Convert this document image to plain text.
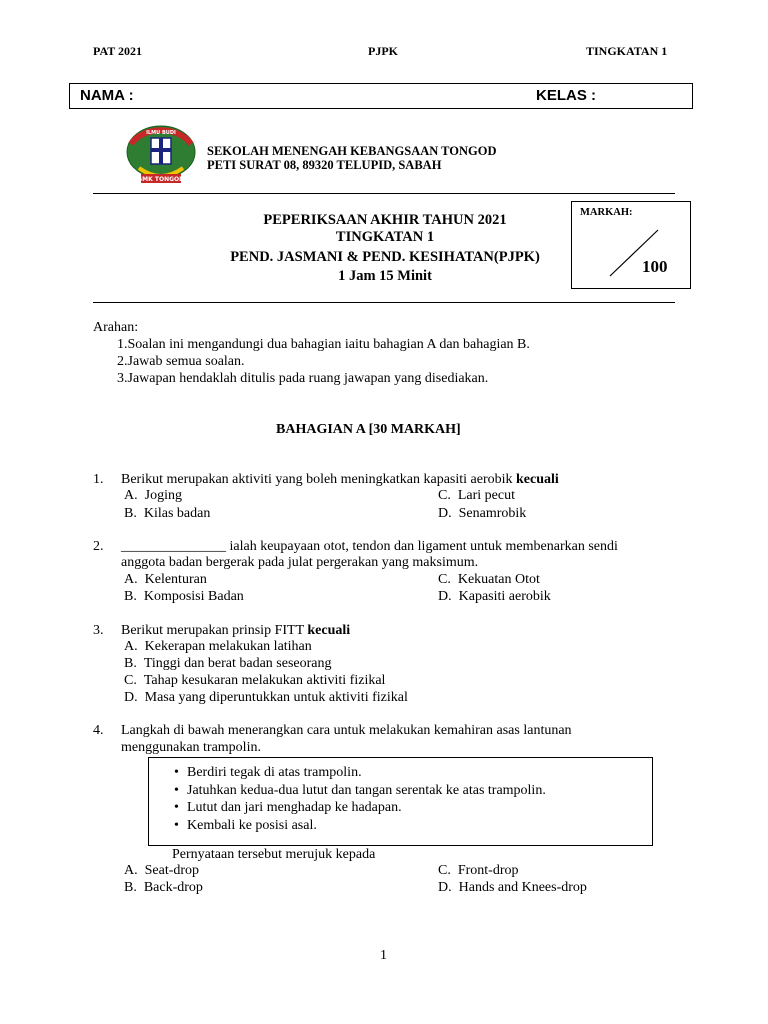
PAT 2021	PJPK	TINGKATAN 1
NAMA :	KELAS :
SMK TONGOD
ILMU BUDI
SEKOLAH MENENGAH KEBANGSAAN TONGOD
PETI SURAT 08, 89320 TELUPID, SABAH
PEPERIKSAAN AKHIR TAHUN 2021
TINGKATAN 1
PEND. JASMANI & PEND. KESIHATAN(PJPK)
1 Jam 15 Minit
MARKAH:
100
Arahan:
1.Soalan ini mengandungi dua bahagian iaitu bahagian A dan bahagian B.
2.Jawab semua soalan.
3.Jawapan hendaklah ditulis pada ruang jawapan yang disediakan.
BAHAGIAN A [30 MARKAH]
1. Berikut merupakan aktiviti yang boleh meningkatkan kapasiti aerobik kecuali
A.  Joging
B.  Kilas badan
C.  Lari pecut
D.  Senamrobik
2. _______________ ialah keupayaan otot, tendon dan ligament untuk membenarkan sendi
anggota badan bergerak pada julat pergerakan yang maksimum.
A.  Kelenturan
B.  Komposisi Badan
C.  Kekuatan Otot
D.  Kapasiti aerobik
3. Berikut merupakan prinsip FITT kecuali
A.  Kekerapan melakukan latihan
B.  Tinggi dan berat badan seseorang
C.  Tahap kesukaran melakukan aktiviti fizikal
D.  Masa yang diperuntukkan untuk aktiviti fizikal
4. Langkah di bawah menerangkan cara untuk melakukan kemahiran asas lantunan
menggunakan trampolin.
• Berdiri tegak di atas trampolin.
• Jatuhkan kedua-dua lutut dan tangan serentak ke atas trampolin.
• Lutut dan jari menghadap ke hadapan.
• Kembali ke posisi asal.
Pernyataan tersebut merujuk kepada
A.  Seat-drop
B.  Back-drop
C.  Front-drop
D.  Hands and Knees-drop
1
